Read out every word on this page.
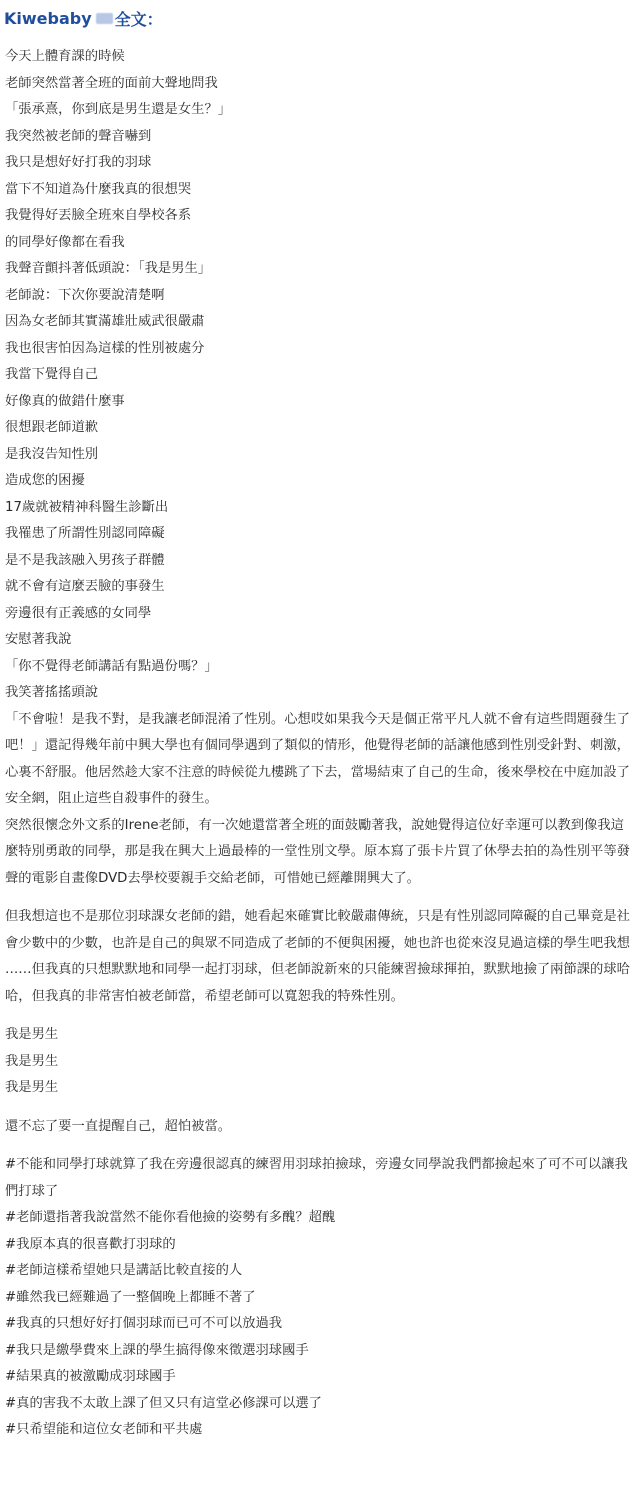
Kiwebaby 全文：
今天上體育課的時候
老師突然當著全班的面前大聲地問我
「張承熹，你到底是男生還是女生？」
我突然被老師的聲音嚇到
我只是想好好打我的羽球
當下不知道為什麼我真的很想哭
我覺得好丟臉全班來自學校各系
的同學好像都在看我
我聲音顫抖著低頭說：「我是男生」
老師說：下次你要說清楚啊
因為女老師其實滿雄壯威武很嚴肅
我也很害怕因為這樣的性別被處分
我當下覺得自己
好像真的做錯什麼事
很想跟老師道歉
是我沒告知性別
造成您的困擾
17歲就被精神科醫生診斷出
我罹患了所謂性別認同障礙
是不是我該融入男孩子群體
就不會有這麼丟臉的事發生
旁邊很有正義感的女同學
安慰著我說
「你不覺得老師講話有點過份嗎？」
我笑著搖搖頭說
「不會啦！是我不對，是我讓老師混淆了性別。心想哎如果我今天是個正常平凡人就不會有這些問題發生了吧！」還記得幾年前中興大學也有個同學遇到了類似的情形，他覺得老師的話讓他感到性別受針對、刺激，心裏不舒服。他居然趁大家不注意的時候從九樓跳了下去，當場結束了自己的生命，後來學校在中庭加設了安全網，阻止這些自殺事件的發生。
突然很懷念外文系的Irene老師，有一次她還當著全班的面鼓勵著我，說她覺得這位好幸運可以教到像我這麼特別勇敢的同學，那是我在興大上過最棒的一堂性別文學。原本寫了張卡片買了休學去拍的為性別平等發聲的電影自畫像DVD去學校要親手交給老師，可惜她已經離開興大了。
但我想這也不是那位羽球課女老師的錯，她看起來確實比較嚴肅傳統，只是有性別認同障礙的自己畢竟是社會少數中的少數，也許是自己的與眾不同造成了老師的不便與困擾，她也許也從來沒見過這樣的學生吧我想……但我真的只想默默地和同學一起打羽球，但老師說新來的只能練習撿球揮拍，默默地撿了兩節課的球哈哈，但我真的非常害怕被老師當，希望老師可以寬恕我的特殊性別。
我是男生
我是男生
我是男生
還不忘了要一直提醒自己，超怕被當。
#不能和同學打球就算了我在旁邊很認真的練習用羽球拍撿球，旁邊女同學說我們都撿起來了可不可以讓我們打球了
#老師還指著我說當然不能你看他撿的姿勢有多醜？超醜
#我原本真的很喜歡打羽球的
#老師這樣希望她只是講話比較直接的人
#雖然我已經難過了一整個晚上都睡不著了
#我真的只想好好打個羽球而已可不可以放過我
#我只是繳學費來上課的學生搞得像來徵選羽球國手
#結果真的被激勵成羽球國手
#真的害我不太敢上課了但又只有這堂必修課可以選了
#只希望能和這位女老師和平共處
